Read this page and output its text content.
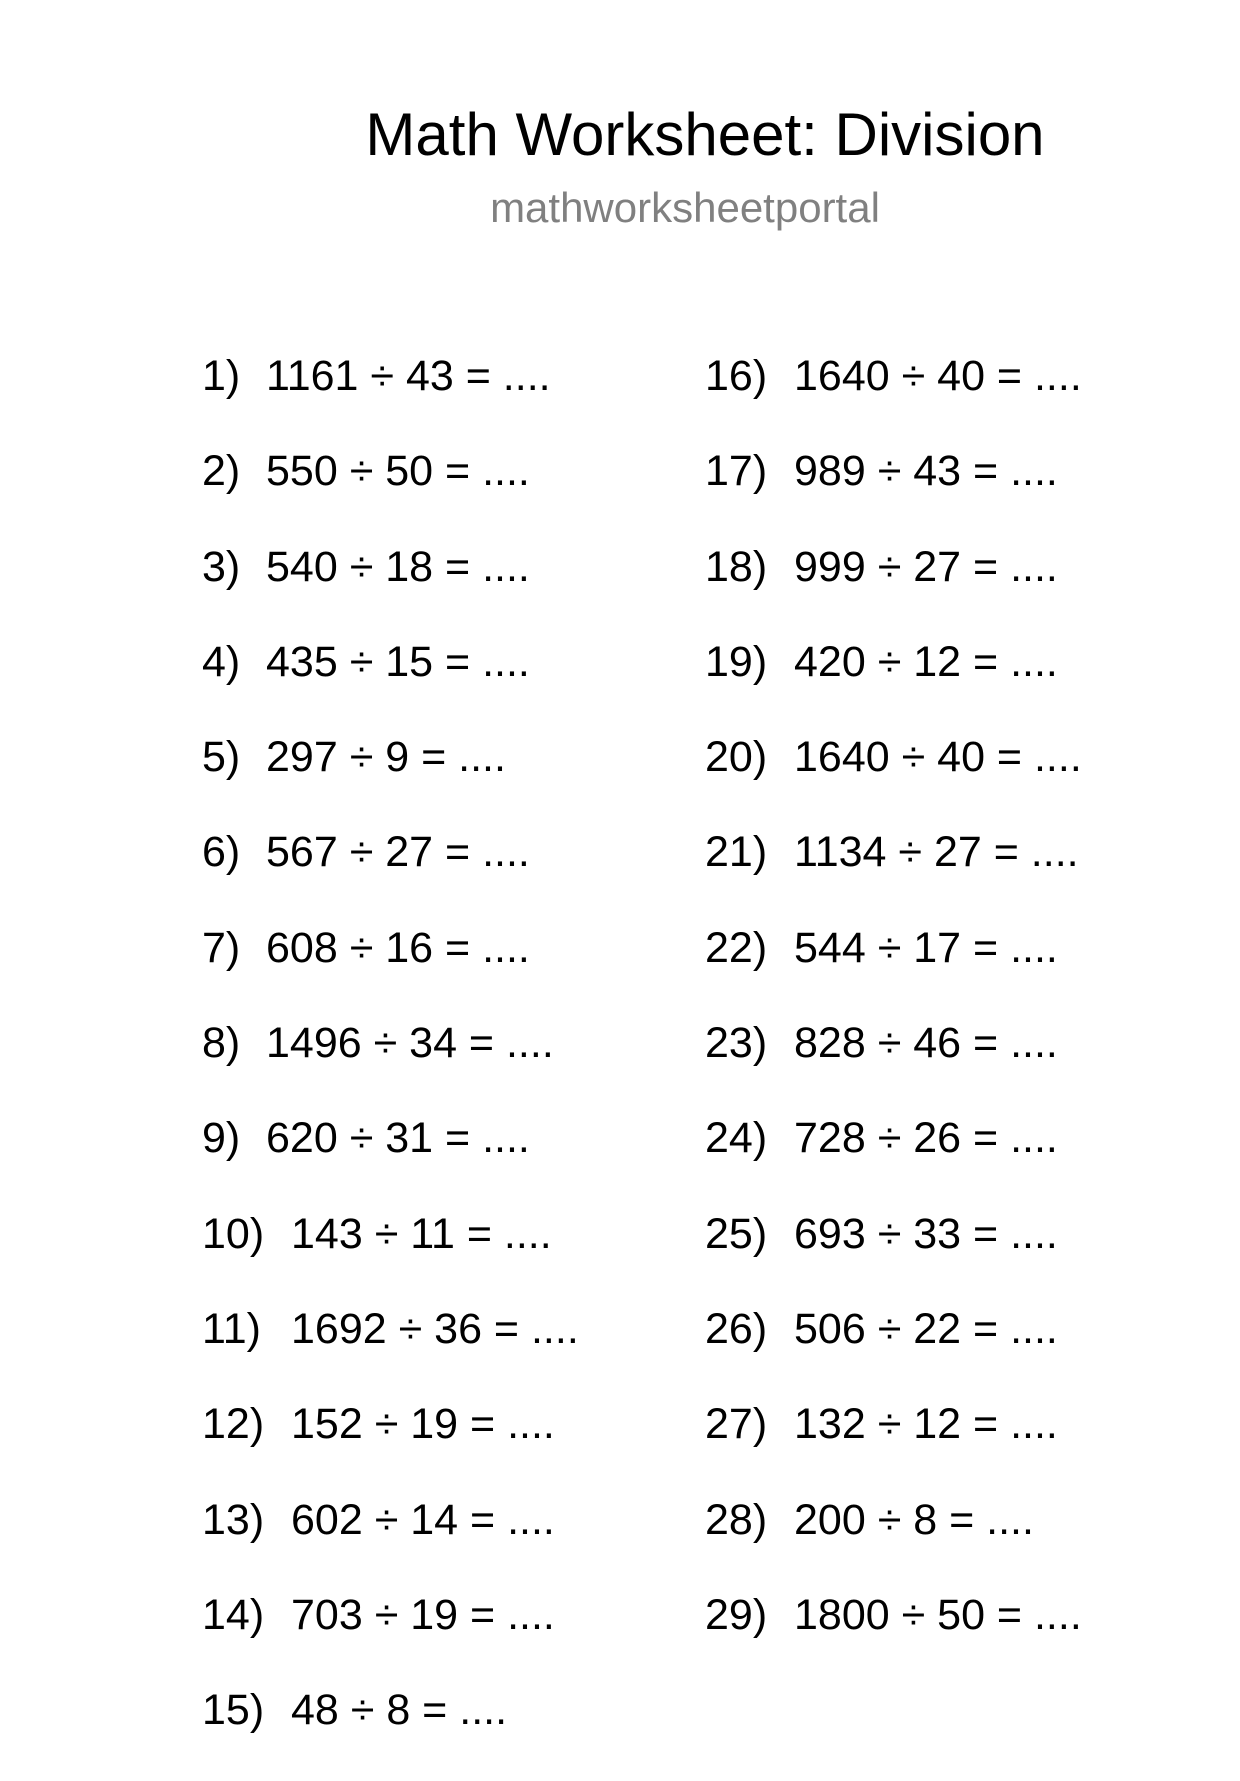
Math Worksheet: Division
mathworksheetportal
1) 1161 ÷ 43 = ....
2) 550 ÷ 50 = ....
3) 540 ÷ 18 = ....
4) 435 ÷ 15 = ....
5) 297 ÷ 9 = ....
6) 567 ÷ 27 = ....
7) 608 ÷ 16 = ....
8) 1496 ÷ 34 = ....
9) 620 ÷ 31 = ....
10) 143 ÷ 11 = ....
11) 1692 ÷ 36 = ....
12) 152 ÷ 19 = ....
13) 602 ÷ 14 = ....
14) 703 ÷ 19 = ....
15) 48 ÷ 8 = ....
16) 1640 ÷ 40 = ....
17) 989 ÷ 43 = ....
18) 999 ÷ 27 = ....
19) 420 ÷ 12 = ....
20) 1640 ÷ 40 = ....
21) 1134 ÷ 27 = ....
22) 544 ÷ 17 = ....
23) 828 ÷ 46 = ....
24) 728 ÷ 26 = ....
25) 693 ÷ 33 = ....
26) 506 ÷ 22 = ....
27) 132 ÷ 12 = ....
28) 200 ÷ 8 = ....
29) 1800 ÷ 50 = ....
